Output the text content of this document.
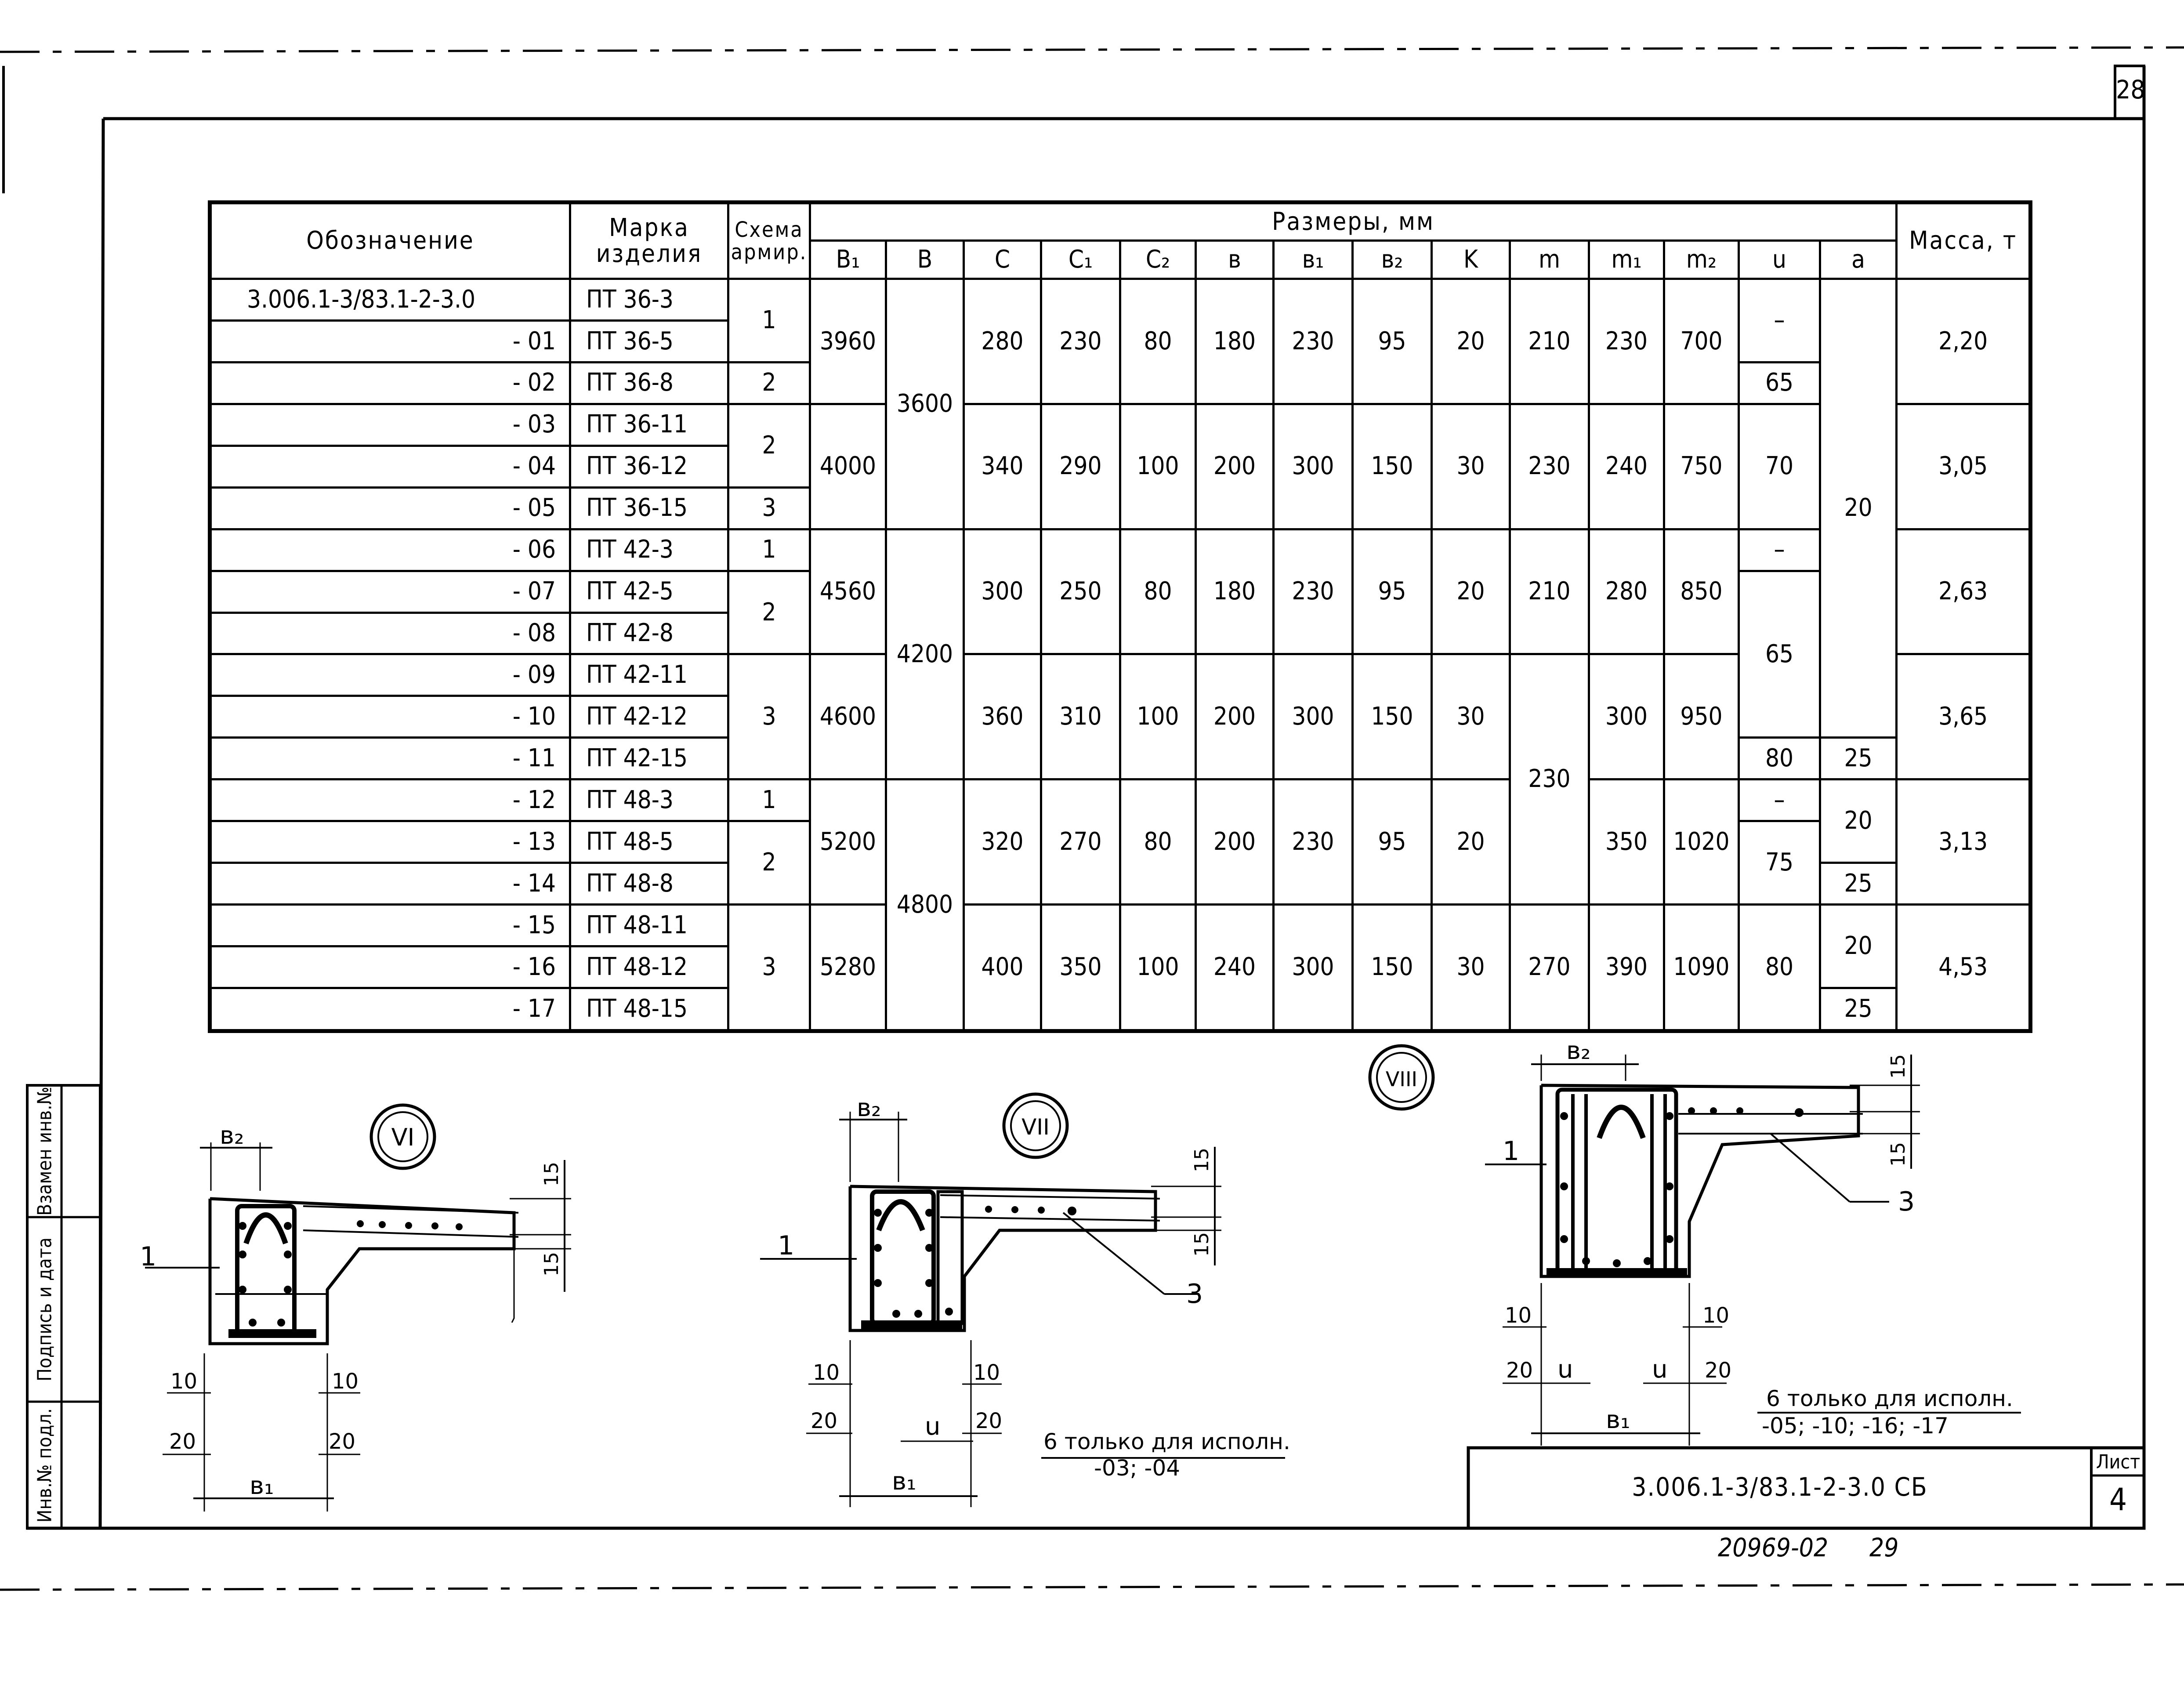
28
Инв.№ подл.
Подпись и дата
Взамен инв.№
3.006.1-3/83.1-2-3.0 СБ
Лист
4
20969-02 29
Обозначение	Марка изделия	Схема армир.	Размеры, мм														Масса, т
			B₁	B	C	C₁	C₂	в	в₁	в₂	K	m	m₁	m₂	u	a	
3.006.1-3/83.1-2-3.0	ПТ 36-3	1	3960	3600	280	230	80	180	230	95	20	210	230	700	–	20	2,20
- 01	ПТ 36-5																
- 02	ПТ 36-8	2													65		
- 03	ПТ 36-11	2	4000		340	290	100	200	300	150	30	230	240	750	70		3,05
- 04	ПТ 36-12																
- 05	ПТ 36-15	3															
- 06	ПТ 42-3	1	4560	4200	300	250	80	180	230	95	20	210	280	850	–		2,63
- 07	ПТ 42-5	2													65		
- 08	ПТ 42-8																
- 09	ПТ 42-11	3	4600		360	310	100	200	300	150	30	230	300	950			3,65
- 10	ПТ 42-12																
- 11	ПТ 42-15														80	25	
- 12	ПТ 48-3	1	5200	4800	320	270	80	200	230	95	20		350	1020	–	20	3,13
- 13	ПТ 48-5	2													75		
- 14	ПТ 48-8															25	
- 15	ПТ 48-11	3	5280		400	350	100	240	300	150	30	270	390	1090	80	20	4,53
- 16	ПТ 48-12																
- 17	ПТ 48-15															25	
VI
в₂
в₁
10	10
20	20
15
15
1
VII
3
1
в₂
в₁
u
10	10
20	20
15
15
6 только для исполн.
-03; -04
VIII
3
1
в₂
в₁
10	10
20	20
u	u
15
15
6 только для исполн.
-05; -10; -16; -17
